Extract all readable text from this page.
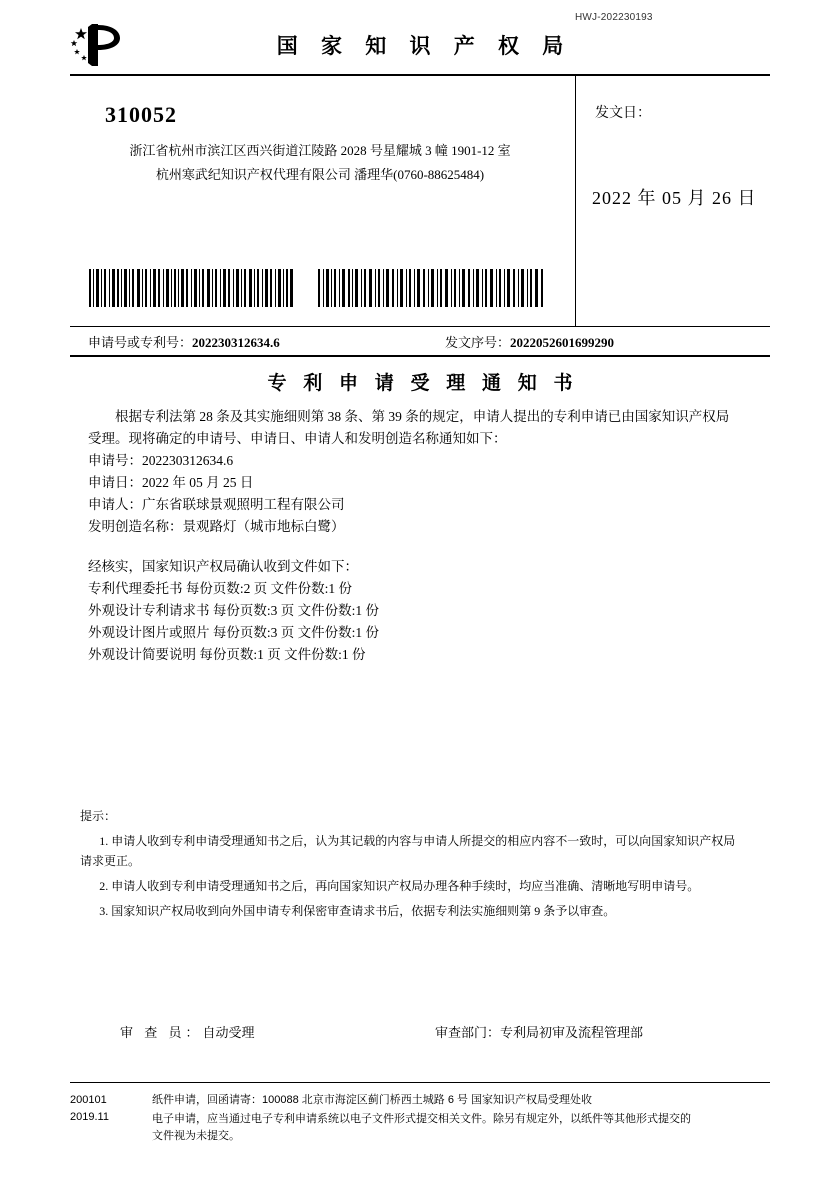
HWJ-202230193
国 家 知 识 产 权 局
310052
浙江省杭州市滨江区西兴街道江陵路 2028 号星耀城 3 幢 1901-12 室
杭州寒武纪知识产权代理有限公司 潘理华(0760-88625484)
发文日：
2022 年 05 月 26 日
申请号或专利号：202230312634.6	发文序号：2022052601699290
专 利 申 请 受 理 通 知 书
根据专利法第 28 条及其实施细则第 38 条、第 39 条的规定，申请人提出的专利申请已由国家知识产权局
受理。现将确定的申请号、申请日、申请人和发明创造名称通知如下：
申请号：202230312634.6
申请日：2022 年 05 月 25 日
申请人：广东省联球景观照明工程有限公司
发明创造名称：景观路灯（城市地标白鹭）
经核实，国家知识产权局确认收到文件如下：
专利代理委托书 每份页数:2 页 文件份数:1 份
外观设计专利请求书 每份页数:3 页 文件份数:1 份
外观设计图片或照片 每份页数:3 页 文件份数:1 份
外观设计简要说明 每份页数:1 页 文件份数:1 份
提示：
1. 申请人收到专利申请受理通知书之后，认为其记载的内容与申请人所提交的相应内容不一致时，可以向国家知识产权局
请求更正。
2. 申请人收到专利申请受理通知书之后，再向国家知识产权局办理各种手续时，均应当准确、清晰地写明申请号。
3. 国家知识产权局收到向外国申请专利保密审查请求书后，依据专利法实施细则第 9 条予以审查。
审 查 员：自动受理	审查部门：专利局初审及流程管理部
200101
2019.11
纸件申请，回函请寄：100088 北京市海淀区蓟门桥西土城路 6 号 国家知识产权局受理处收
电子申请，应当通过电子专利申请系统以电子文件形式提交相关文件。除另有规定外，以纸件等其他形式提交的
文件视为未提交。
